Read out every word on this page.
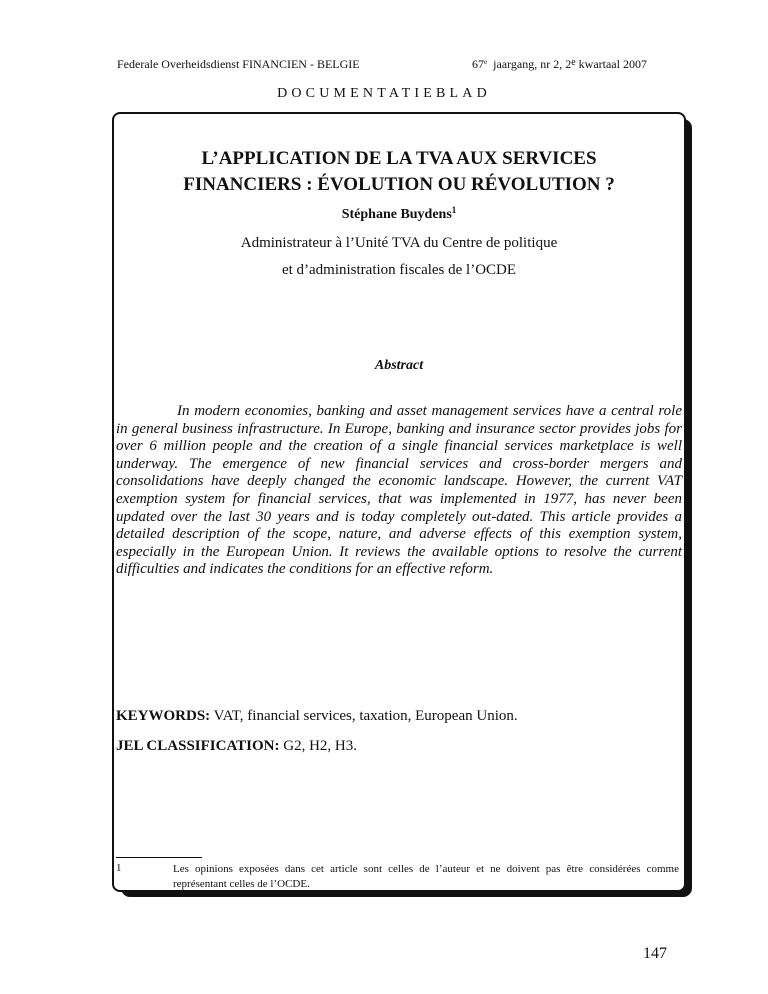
Federale Overheidsdienst FINANCIEN - BELGIE	67e jaargang, nr 2, 2e kwartaal 2007
DOCUMENTATIEBLAD
L’APPLICATION DE LA TVA AUX SERVICES
FINANCIERS : ÉVOLUTION OU RÉVOLUTION ?
Stéphane Buydens$^1$
Administrateur à l’Unité TVA du Centre de politique
et d’administration fiscales de l’OCDE
Abstract

In modern economies, banking and asset management services have a central role in general business infrastructure. In Europe, banking and insurance sector provides jobs for over 6 million people and the creation of a single financial services marketplace is well underway. The emergence of new financial services and cross-border mergers and consolidations have deeply changed the economic landscape. However, the current VAT exemption system for financial services, that was implemented in 1977, has never been updated over the last 30 years and is today completely out-dated. This article provides a detailed description of the scope, nature, and adverse effects of this exemption system, especially in the European Union. It reviews the available options to resolve the current difficulties and indicates the conditions for an effective reform.

KEYWORDS: VAT, financial services, taxation, European Union.
JEL CLASSIFICATION: G2, H2, H3.
1	Les opinions exposées dans cet article sont celles de l’auteur et ne doivent pas être considérées comme représentant celles de l’OCDE.
147
